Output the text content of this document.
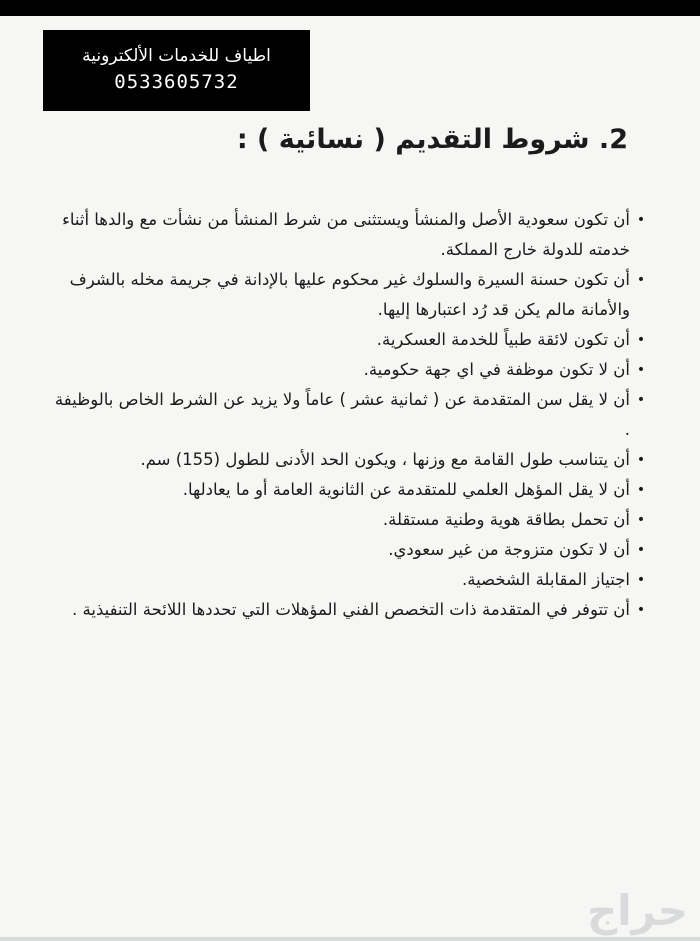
اطياف للخدمات الألكترونية
0533605732
2. شروط التقديم ( نسائية ) :
•
أن تكون سعودية الأصل والمنشأ ويستثنى من شرط المنشأ من نشأت مع والدها أثناء خدمته للدولة خارج المملكة.
•
أن تكون حسنة السيرة والسلوك غير محكوم عليها بالإدانة في جريمة مخله بالشرف والأمانة مالم يكن قد رُد اعتبارها إليها.
•
أن تكون لائقة طبياً للخدمة العسكرية.
•
أن لا تكون موظفة في اي جهة حكومية.
•
أن لا يقل سن المتقدمة عن ( ثمانية عشر ) عاماً ولا يزيد عن الشرط الخاص بالوظيفة .
•
أن يتناسب طول القامة مع وزنها ، ويكون الحد الأدنى للطول (155) سم.
•
أن لا يقل المؤهل العلمي للمتقدمة عن الثانوية العامة أو ما يعادلها.
•
أن تحمل بطاقة هوية وطنية مستقلة.
•
أن لا تكون متزوجة من غير سعودي.
•
اجتياز المقابلة الشخصية.
•
أن تتوفر في المتقدمة ذات التخصص الفني المؤهلات التي تحددها اللائحة التنفيذية .
حراج
